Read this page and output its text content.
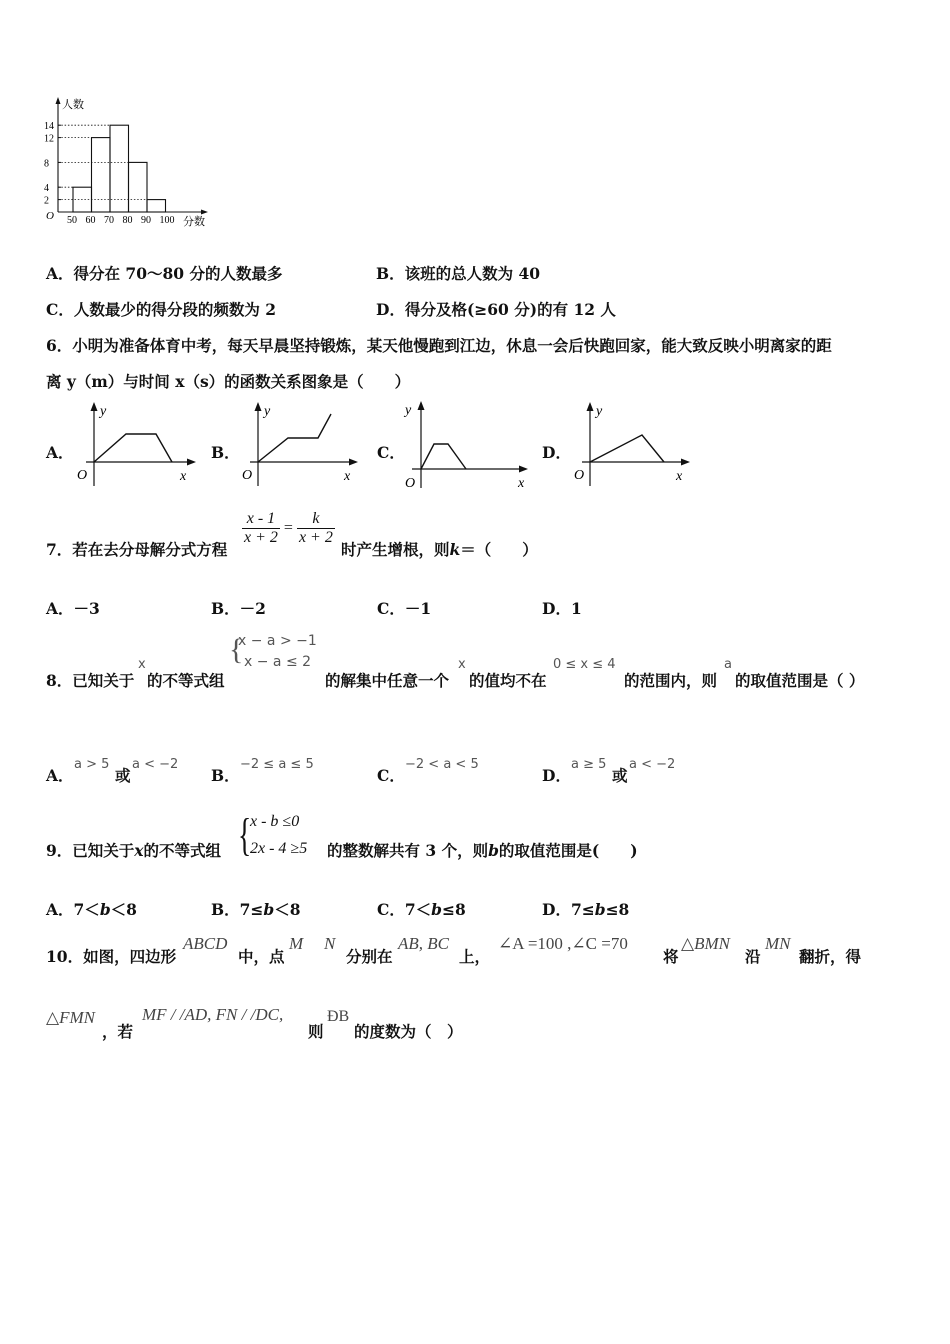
人数
分数
O
14
12
8
4
2
50 60 70 80 90 100
A．得分在 70～80 分的人数最多	B．该班的总人数为 40
C．人数最少的得分段的频数为 2	D．得分及格(≥60 分)的有 12 人
6．小明为准备体育中考，每天早晨坚持锻炼，某天他慢跑到江边，休息一会后快跑回家，能大致反映小明离家的距
离 y（m）与时间 x（s）的函数关系图象是（　　）
A．	B．	C．	D．
y
O	x
y
O	x
y
O	x
y
O	x
7．若在去分母解分式方程
$\frac{x - 1}{x + 2} = \frac{k}{x + 2}$
时产生增根，则k＝（　　）
A．－3	B．－2	C．－1	D．1
8．已知关于
x
的不等式组
{
x − a > −1
x − a ≤ 2
的解集中任意一个
x
的值均不在
0 ≤ x ≤ 4
的范围内，则
a
的取值范围是（ ）
A．
a > 5
或
a < −2
B．
−2 ≤ a ≤ 5
C．
−2 < a < 5
D．
a ≥ 5
或
a < −2
9．已知关于x的不等式组 {
x - b ≤0
2x - 4 ≥5 的整数解共有 3 个，则b的取值范围是(　　)
A．7＜b＜8	B．7≤b＜8	C．7＜b≤8	D．7≤b≤8
10．如图，四边形
ABCD
中，点
M N
分别在
AB, BC
上，
∠A =100 ,∠C =70
将
△BMN
沿
MN
翻折，得
△FMN
，若
MF / /AD, FN / /DC,
则
ÐB
的度数为（　）
